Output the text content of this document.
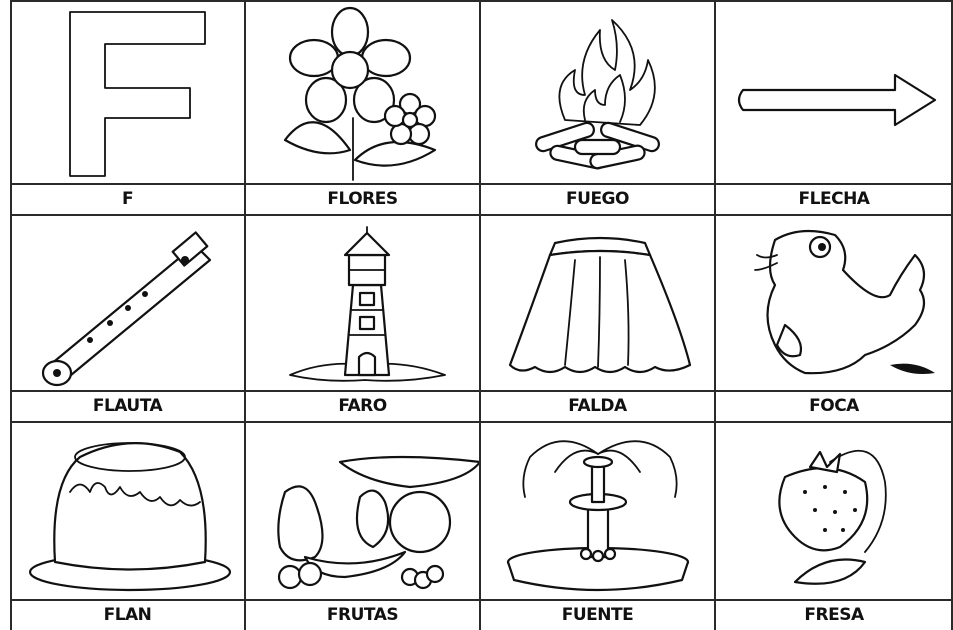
F	FLORES	FUEGO	FLECHA
FLAUTA	FARO	FALDA	FOCA
FLAN	FRUTAS	FUENTE	FRESA
